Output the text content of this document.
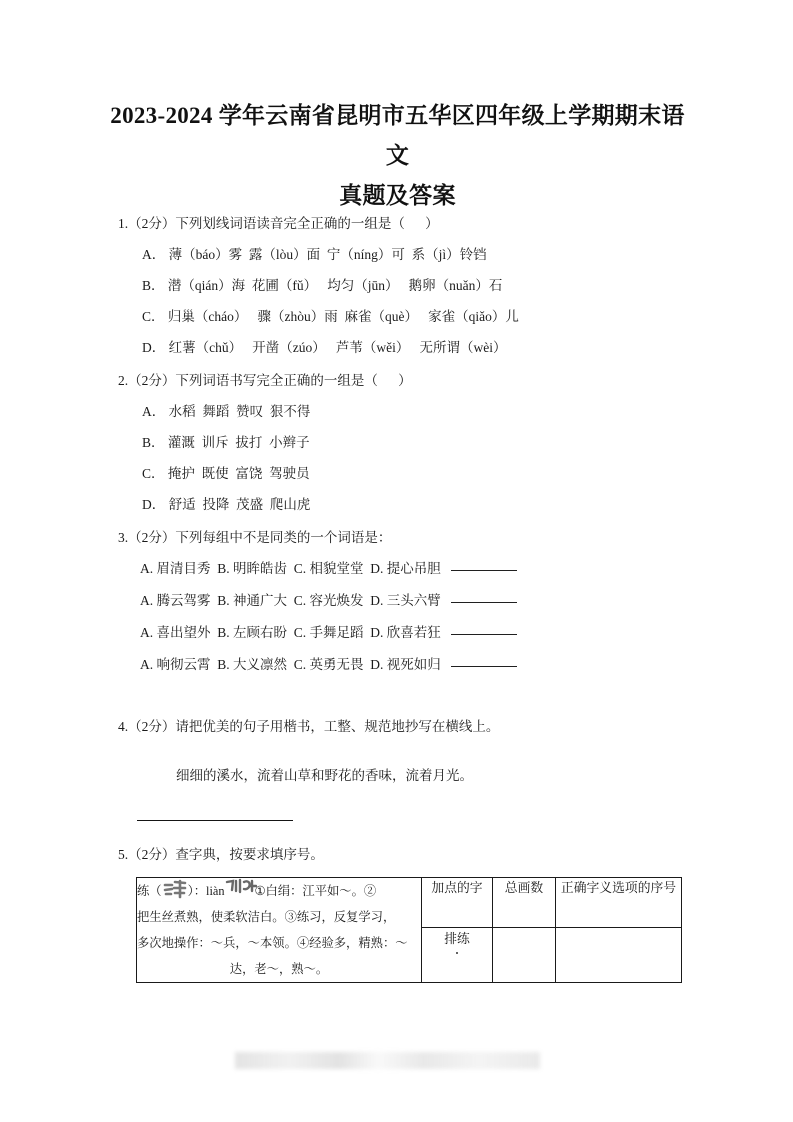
2023-2024 学年云南省昆明市五华区四年级上学期期末语文
真题及答案
1.（2分）下列划线词语读音完全正确的一组是（      ）
A． 薄（báo）雾  露（lòu）面  宁（níng）可  系（jì）铃铛
B． 潜（qián）海  花圃（fǔ）   均匀（jūn）   鹅卵（nuǎn）石
C． 归巢（cháo）   骤（zhòu）雨  麻雀（què）   家雀（qiǎo）儿
D． 红薯（chǔ）   开凿（zúo）   芦苇（wěi）   无所谓（wèi）
2.（2分）下列词语书写完全正确的一组是（      ）
A． 水稻  舞蹈  赞叹  狠不得
B． 灌溉  训斥  拔打  小辫子
C． 掩护  既使  富饶  驾驶员
D． 舒适  投降  茂盛  爬山虎
3.（2分）下列每组中不是同类的一个词语是：
A. 眉清目秀  B. 明眸皓齿  C. 相貌堂堂  D. 提心吊胆
A. 腾云驾雾  B. 神通广大  C. 容光焕发  D. 三头六臂
A. 喜出望外  B. 左顾右盼  C. 手舞足蹈  D. 欣喜若狂
A. 响彻云霄  B. 大义凛然  C. 英勇无畏  D. 视死如归
4.（2分）请把优美的句子用楷书，工整、规范地抄写在横线上。
细细的溪水，流着山草和野花的香味，流着月光。
5.（2分）查字典，按要求填序号。
练（ ）：liàn ①白绢：江平如～。②
把生丝煮熟，使柔软洁白。③练习，反复学习，
多次地操作：～兵，～本领。④经验多，精熟：～
达，老～，熟～。
	加点的字	总画数	正确字义选项的序号
	排练		
